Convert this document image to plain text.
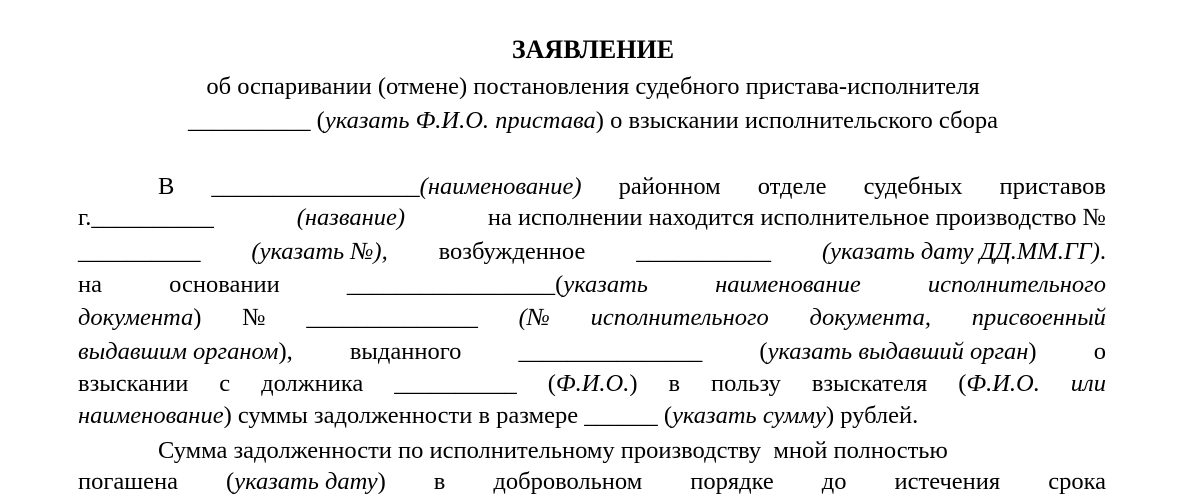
ЗАЯВЛЕНИЕ
об оспаривании (отмене) постановления судебного пристава-исполнителя
__________ (указать Ф.И.О. пристава) о взыскании исполнительского сбора
В _________________(наименование) районном отделе судебных приставов
г.__________	(название)	на исполнении находится исполнительное производство №
__________ (указать №), возбужденное ___________ (указать дату ДД.ММ.ГГ).
на	основании	_________________(указать	наименование	исполнительного
документа) № ______________ (№ исполнительного документа, присвоенный
выдавшим органом), выданного _______________ (указать выдавший орган) о
взыскании с должника __________ (Ф.И.О.) в пользу взыскателя (Ф.И.О. или
наименование ) суммы задолженности в размере
______
( указать сумму ) рублей.
Сумма задолженности по исполнительному производству  мной полностью
погашена (указать дату) в добровольном порядке до истечения срока
